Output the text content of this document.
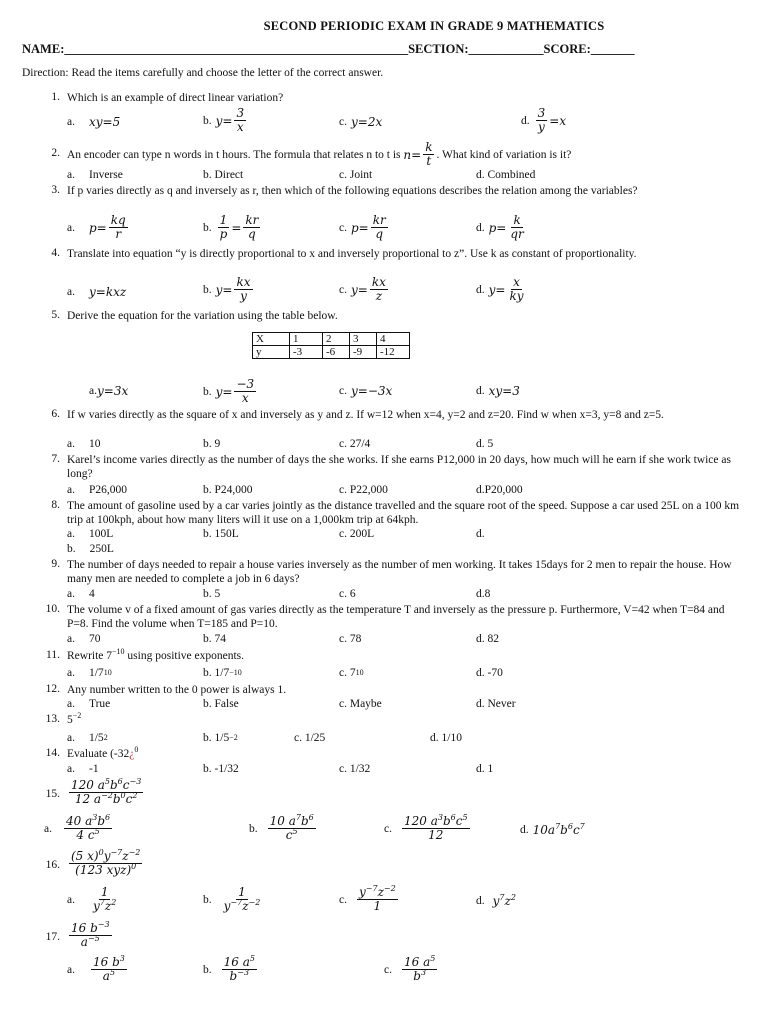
SECOND PERIODIC EXAM IN GRADE 9 MATHEMATICS
NAME:_______________________________________________________SECTION:____________SCORE:_______
Direction: Read the items carefully and choose the letter of the correct answer.
1. Which is an example of direct linear variation?
a. xy=5	b. $y= \frac{3}{x}$	c. y=2x	d. $\frac{3}{y} =x$
2. An encoder can type n words in t hours. The formula that relates n to t is
$n= \frac{k}{t}$ . What kind of variation is it?
a. Inverse	b. Direct	c. Joint	d. Combined
3. If p varies directly as q and inversely as r, then which of the following equations describes the relation among the variables?
a. $p= \frac{kq}{r}$	b. $\frac{1}{p} = \frac{kr}{q}$	c. $p= \frac{kr}{q}$	d. $p= \frac{k}{qr}$
4. Translate into equation “y is directly proportional to x and inversely proportional to z”. Use k as constant of proportionality.
a. y=kxz	b. $y= \frac{kx}{y}$	c. $y= \frac{kx}{z}$	d. $y= \frac{x}{ky}$
5. Derive the equation for the variation using the table below.
X	1	2	3	4
y	-3	-6	-9	-12
a. y=3x	b. $y= \frac{-3}{x}$	c. y=−3x	d. xy=3
6. If w varies directly as the square of x and inversely as y and z. If w=12 when x=4, y=2 and z=20. Find w when x=3, y=8 and z=5.
a. 10	b. 9	c. 27/4	d. 5
7. Karel’s income varies directly as the number of days the she works. If she earns P12,000 in 20 days, how much will he earn if she work twice as long?
a. P26,000	b. P24,000	c. P22,000	d.P20,000
8. The amount of gasoline used by a car varies jointly as the distance travelled and the square root of the speed. Suppose a car used 25L on a 100 km trip at 100kph, about how many liters will it use on a 1,000km trip at 64kph.
a. 100L	b. 150L	c. 200L	d.
b. 250L
9. The number of days needed to repair a house varies inversely as the number of men working. It takes 15days for 2 men to repair the house. How many men are needed to complete a job in 6 days?
a. 4	b. 5	c. 6	d.8
10. The volume v of a fixed amount of gas varies directly as the temperature T and inversely as the pressure p. Furthermore, V=42 when T=84 and P=8. Find the volume when T=185 and P=10.
a. 70	b. 74	c. 78	d. 82
11. Rewrite $7^{-10}$ using positive exponents.
a. 1/7 10	b. 1/7 −10	c. 7 10	d. -70
12. Any number written to the 0 power is always 1.
a. True	b. False	c. Maybe	d. Never
13. $5^{-2}$
a. 1/5 2	b. 1/5 −2	c. 1/25	d. 1/10
14. Evaluate (-32¿$^0$
a. -1	b. -1/32	c. 1/32	d. 1
15. $\frac{120 a^5b^6c^{-3}}{12 a^{-2}b^0c^2}$
a. $\frac{40 a^3b^6}{4 c^5}$	b. $\frac{10 a^7b^6}{c^5}$	c. $\frac{120 a^3b^6c^5}{12}$	d. $10a^7b^6c^7$
16. $\frac{(5 x)^0y^{-7}z^{-2}}{(123 xyz)^0}$
a. $\frac{1}{y^7z^2}$	b. $\frac{1}{y^{-7}z^{-2}}$	c. $\frac{y^{-7}z^{-2}}{1}$	d. $y^7z^2$
17. $\frac{16 b^{-3}}{a^{-5}}$
a. $\frac{16 b^3}{a^5}$	b. $\frac{16 a^5}{b^{-3}}$	c. $\frac{16 a^5}{b^3}$
